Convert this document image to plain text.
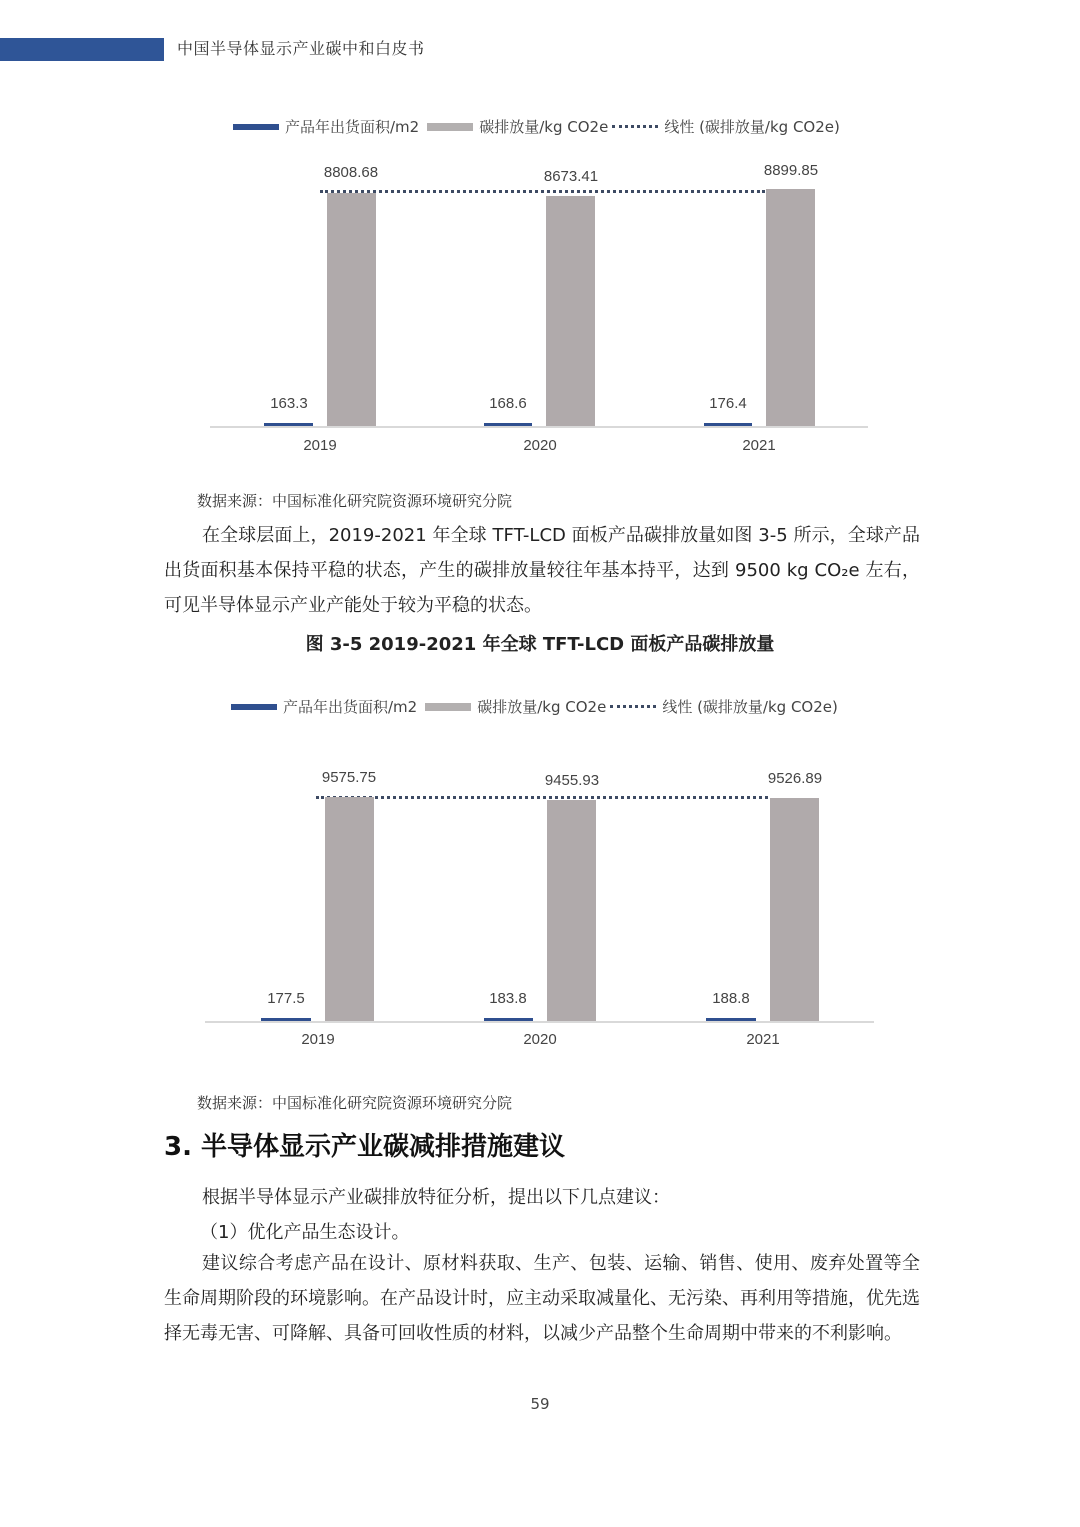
中国半导体显示产业碳中和白皮书
产品年出货面积/m2	碳排放量/kg CO2e	线性 (碳排放量/kg CO2e)
8808.68	8673.41	8899.85
163.3	168.6	176.4
2019	2020	2021
数据来源：中国标准化研究院资源环境研究分院
在全球层面上，2019-2021 年全球 TFT-LCD 面板产品碳排放量如图 3-5 所示，全球产品出货面积基本保持平稳的状态，产生的碳排放量较往年基本持平，达到 9500 kg CO₂e 左右，可见半导体显示产业产能处于较为平稳的状态。
图 3-5 2019-2021 年全球 TFT-LCD 面板产品碳排放量
产品年出货面积/m2	碳排放量/kg CO2e	线性 (碳排放量/kg CO2e)
9575.75	9455.93	9526.89
177.5	183.8	188.8
2019	2020	2021
数据来源：中国标准化研究院资源环境研究分院
3. 半导体显示产业碳减排措施建议
根据半导体显示产业碳排放特征分析，提出以下几点建议：
（1）优化产品生态设计。
建议综合考虑产品在设计、原材料获取、生产、包装、运输、销售、使用、废弃处置等全生命周期阶段的环境影响。在产品设计时，应主动采取减量化、无污染、再利用等措施，优先选择无毒无害、可降解、具备可回收性质的材料，以减少产品整个生命周期中带来的不利影响。
59
